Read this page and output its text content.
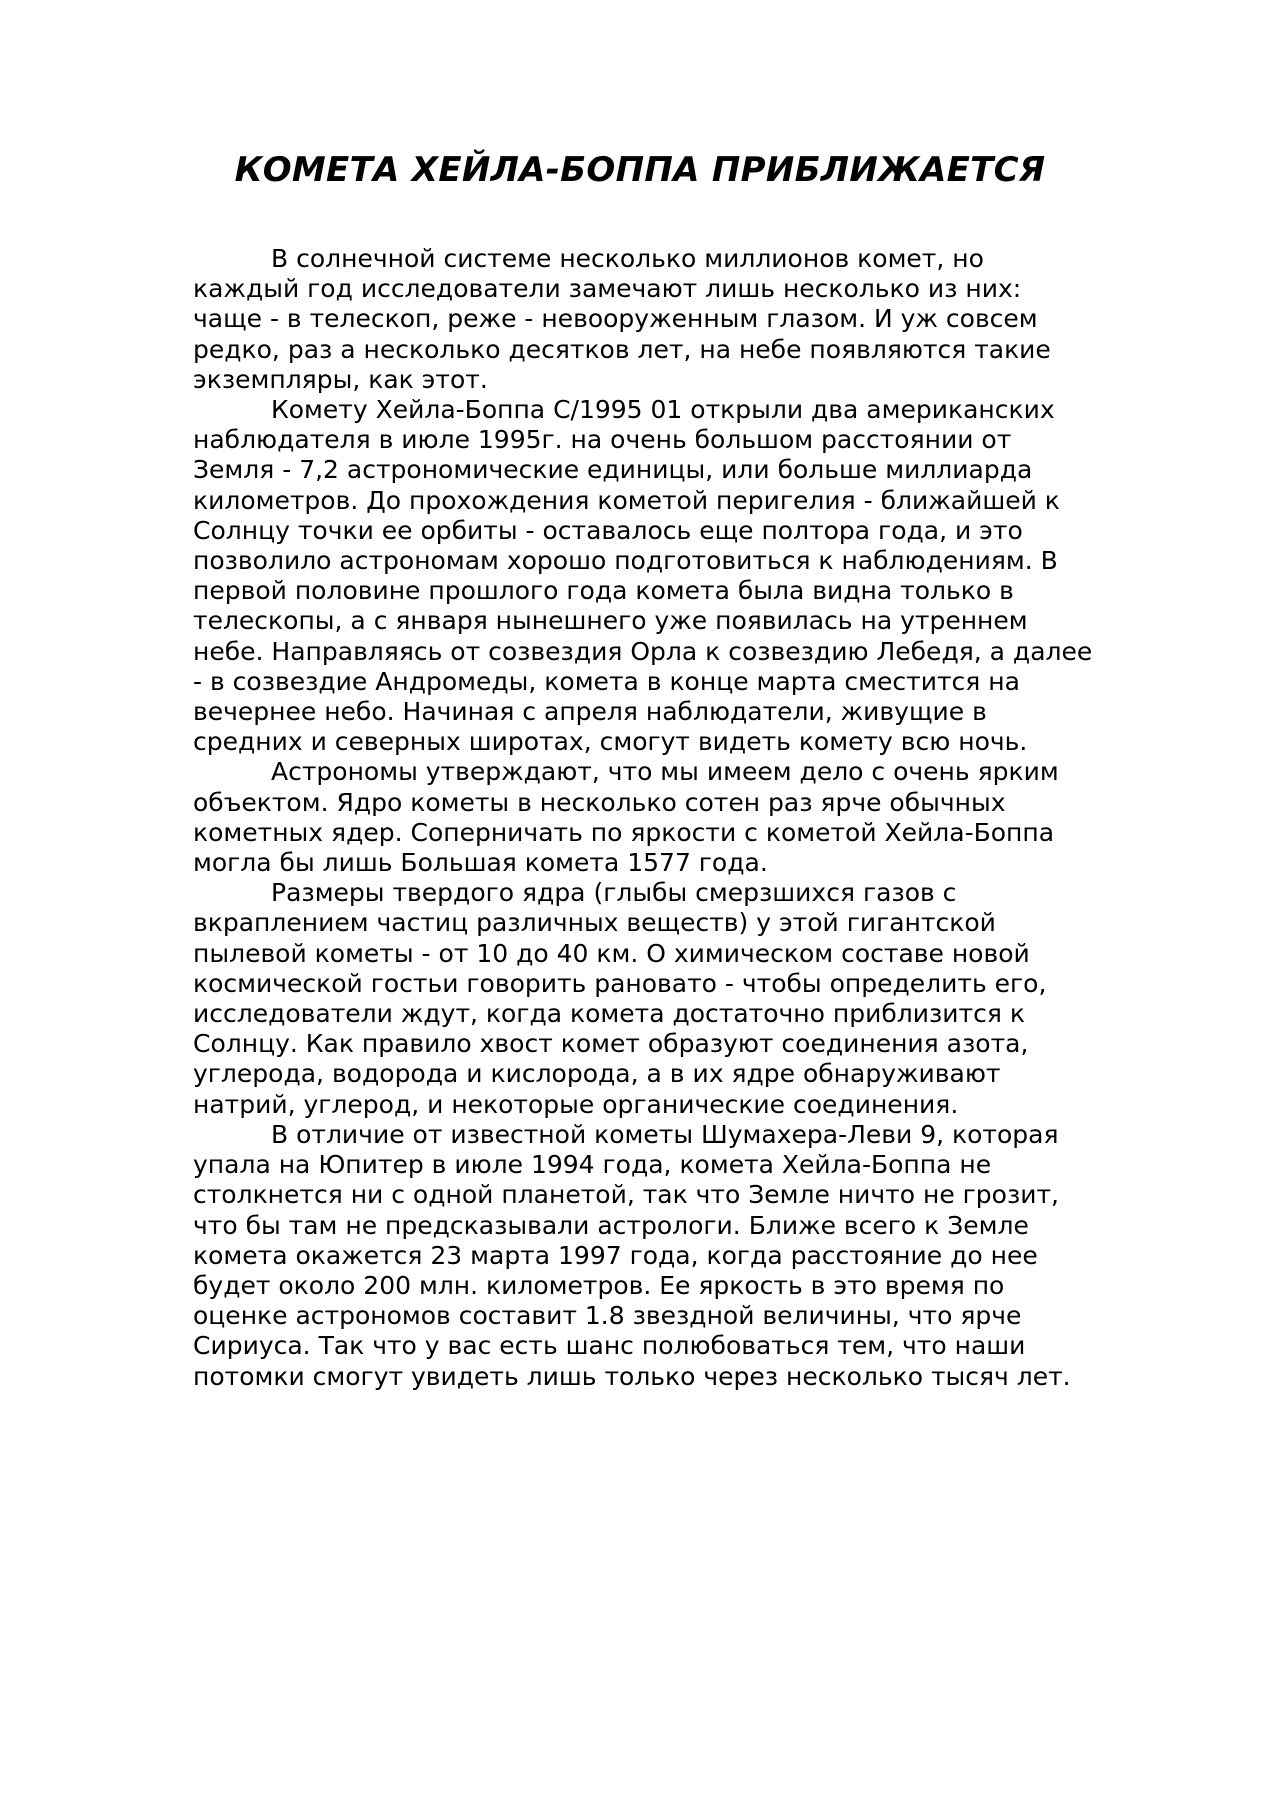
КОМЕТА ХЕЙЛА-БОППА ПРИБЛИЖАЕТСЯ

В солнечной системе несколько миллионов комет, но каждый год исследователи замечают лишь несколько из них: чаще - в телескоп, реже - невооруженным глазом. И уж совсем редко, раз а несколько десятков лет, на небе появляются такие экземпляры, как этот.

Комету Хейла-Боппа С/1995 01 открыли два американских наблюдателя в июле 1995г. на очень большом расстоянии от Земля - 7,2 астрономические единицы, или больше миллиарда километров. До прохождения кометой перигелия - ближайшей к Солнцу точки ее орбиты - оставалось еще полтора года, и это позволило астрономам хорошо подготовиться к наблюдениям. В первой половине прошлого года комета была видна только в телескопы, а с января нынешнего уже появилась на утреннем небе. Направляясь от созвездия Орла к созвездию Лебедя, а далее - в созвездие Андромеды, комета в конце марта сместится на вечернее небо. Начиная с апреля наблюдатели, живущие в средних и северных широтах, смогут видеть комету всю ночь.

Астрономы утверждают, что мы имеем дело с очень ярким объектом. Ядро кометы в несколько сотен раз ярче обычных кометных ядер. Соперничать по яркости с кометой Хейла-Боппа могла бы лишь Большая комета 1577 года.

Размеры твердого ядра (глыбы смерзшихся газов с вкраплением частиц различных веществ) у этой гигантской пылевой кометы - от 10 до 40 км. О химическом составе новой космической гостьи говорить рановато - чтобы определить его, исследователи ждут, когда комета достаточно приблизится к Солнцу. Как правило хвост комет образуют соединения азота, углерода, водорода и кислорода, а в их ядре обнаруживают натрий, углерод, и некоторые органические соединения.

В отличие от известной кометы Шумахера-Леви 9, которая упала на Юпитер в июле 1994 года, комета Хейла-Боппа не столкнется ни с одной планетой, так что Земле ничто не грозит, что бы там не предсказывали астрологи. Ближе всего к Земле комета окажется 23 марта 1997 года, когда расстояние до нее будет около 200 млн. километров. Ее яркость в это время по оценке астрономов составит 1.8 звездной величины, что ярче Сириуса. Так что у вас есть шанс полюбоваться тем, что наши потомки смогут увидеть лишь только через несколько тысяч лет.
